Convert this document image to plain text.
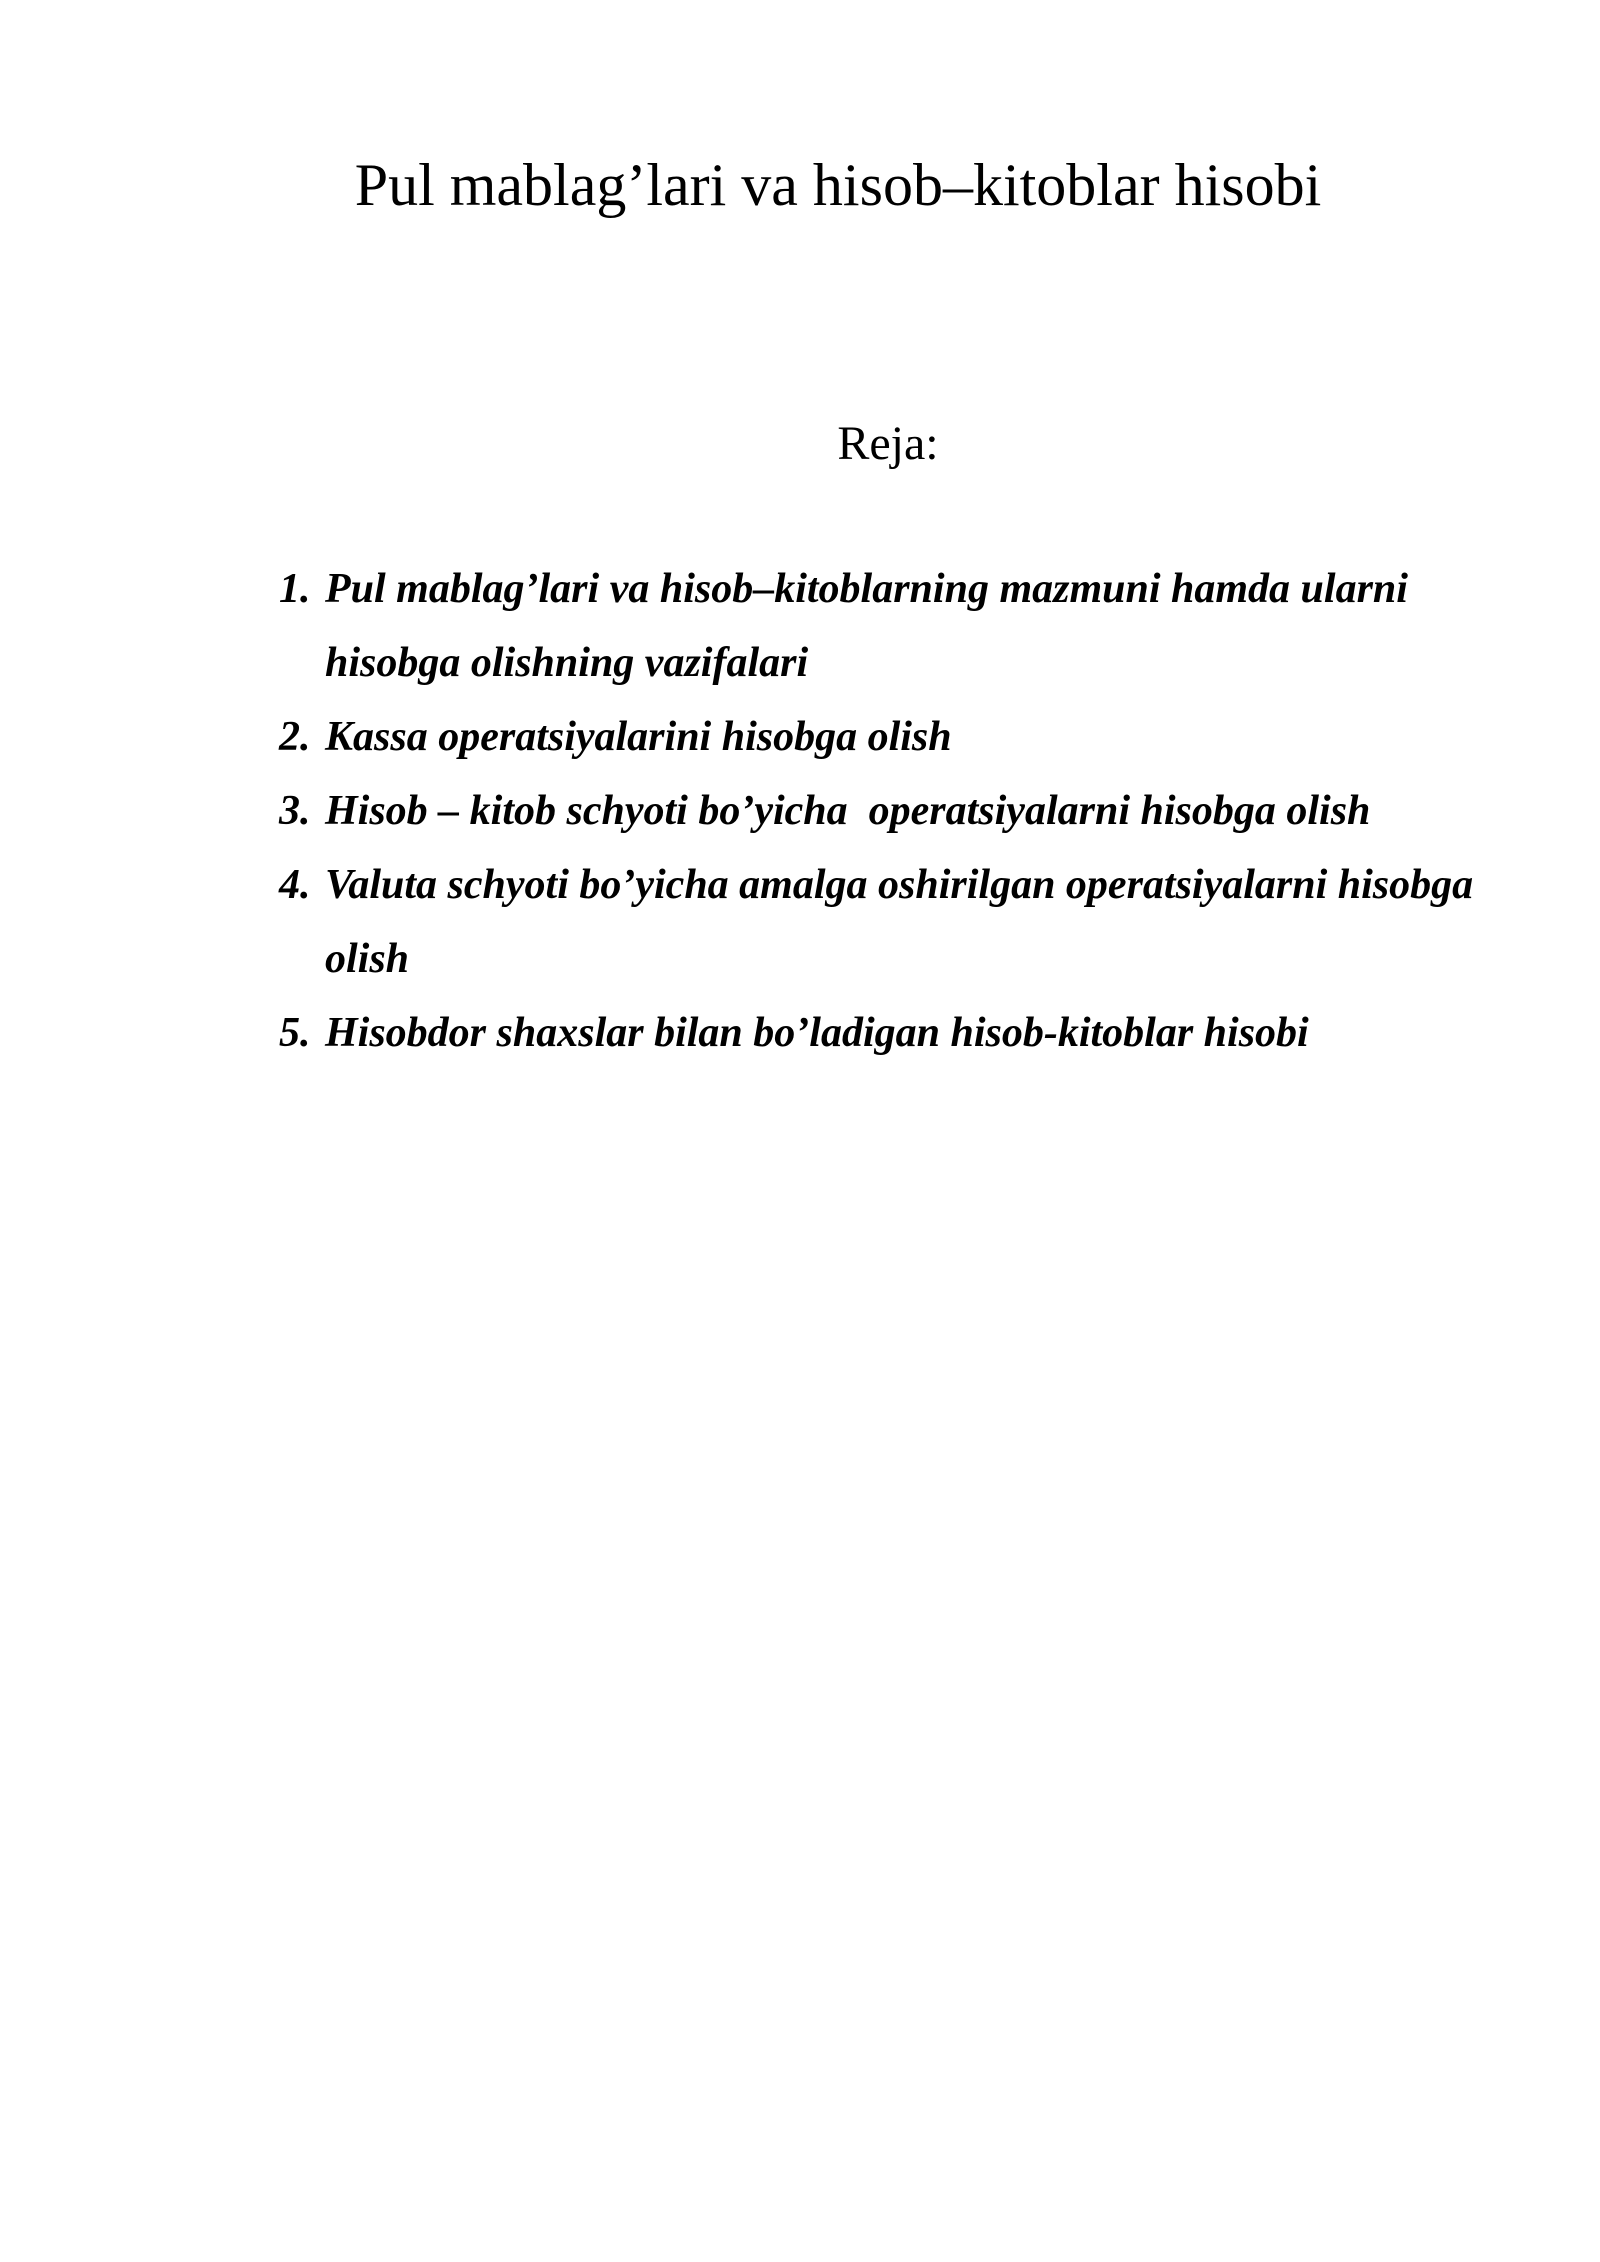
Pul mablag’lari va hisob–kitoblar hisobi
Reja:
1. Pul mablag’lari va hisob–kitoblarning mazmuni hamda ularni hisobga olishning vazifalari
2. Kassa operatsiyalarini hisobga olish
3. Hisob – kitob schyoti bo’yicha  operatsiyalarni hisobga olish
4. Valuta schyoti bo’yicha amalga oshirilgan operatsiyalarni hisobga olish
5. Hisobdor shaxslar bilan bo’ladigan hisob-kitoblar hisobi
